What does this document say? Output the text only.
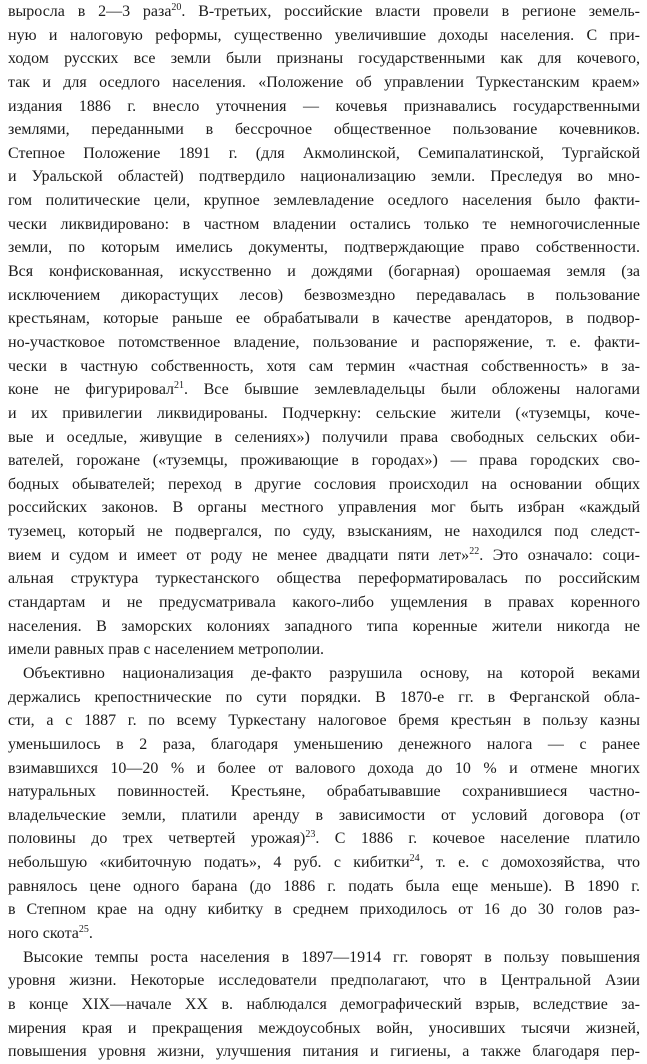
выросла в 2—3 раза$^{20}$. В-третьих, российские власти провели в регионе земель-
ную и налоговую реформы, существенно увеличившие доходы населения. С при-
ходом русских все земли были признаны государственными как для кочевого,
так и для оседлого населения. «Положение об управлении Туркестанским краем»
издания 1886 г. внесло уточнения — кочевья признавались государственными
землями, переданными в бессрочное общественное пользование кочевников.
Степное Положение 1891 г. (для Акмолинской, Семипалатинской, Тургайской
и Уральской областей) подтвердило национализацию земли. Преследуя во мно-
гом политические цели, крупное землевладение оседлого населения было факти-
чески ликвидировано: в частном владении остались только те немногочисленные
земли, по которым имелись документы, подтверждающие право собственности.
Вся конфискованная, искусственно и дождями (богарная) орошаемая земля (за
исключением дикорастущих лесов) безвозмездно передавалась в пользование
крестьянам, которые раньше ее обрабатывали в качестве арендаторов, в подвор-
но-участковое потомственное владение, пользование и распоряжение, т. е. факти-
чески в частную собственность, хотя сам термин «частная собственность» в за-
коне не фигурировал$^{21}$. Все бывшие землевладельцы были обложены налогами
и их привилегии ликвидированы. Подчеркну: сельские жители («туземцы, коче-
вые и оседлые, живущие в селениях») получили права свободных сельских оби-
вателей, горожане («туземцы, проживающие в городах») — права городских сво-
бодных обывателей; переход в другие сословия происходил на основании общих
российских законов. В органы местного управления мог быть избран «каждый
туземец, который не подвергался, по суду, взысканиям, не находился под следст-
вием и судом и имеет от роду не менее двадцати пяти лет»$^{22}$. Это означало: соци-
альная структура туркестанского общества переформатировалась по российским
стандартам и не предусматривала какого-либо ущемления в правах коренного
населения. В заморских колониях западного типа коренные жители никогда не
имели равных прав с населением метрополии.
Объективно национализация де-факто разрушила основу, на которой веками
держались крепостнические по сути порядки. В 1870-е гг. в Ферганской обла-
сти, а с 1887 г. по всему Туркестану налоговое бремя крестьян в пользу казны
уменьшилось в 2 раза, благодаря уменьшению денежного налога — с ранее
взимавшихся 10—20 % и более от валового дохода до 10 % и отмене многих
натуральных повинностей. Крестьяне, обрабатывавшие сохранившиеся частно-
владельческие земли, платили аренду в зависимости от условий договора (от
половины до трех четвертей урожая)$^{23}$. С 1886 г. кочевое население платило
небольшую «кибиточную подать», 4 руб. с кибитки$^{24}$, т. е. с домохозяйства, что
равнялось цене одного барана (до 1886 г. подать была еще меньше). В 1890 г.
в Степном крае на одну кибитку в среднем приходилось от 16 до 30 голов раз-
ного скота$^{25}$.
Высокие темпы роста населения в 1897—1914 гг. говорят в пользу повышения
уровня жизни. Некоторые исследователи предполагают, что в Центральной Азии
в конце XIX—начале XX в. наблюдался демографический взрыв, вследствие за-
мирения края и прекращения междоусобных войн, уносивших тысячи жизней,
повышения уровня жизни, улучшения питания и гигиены, а также благодаря пер-
